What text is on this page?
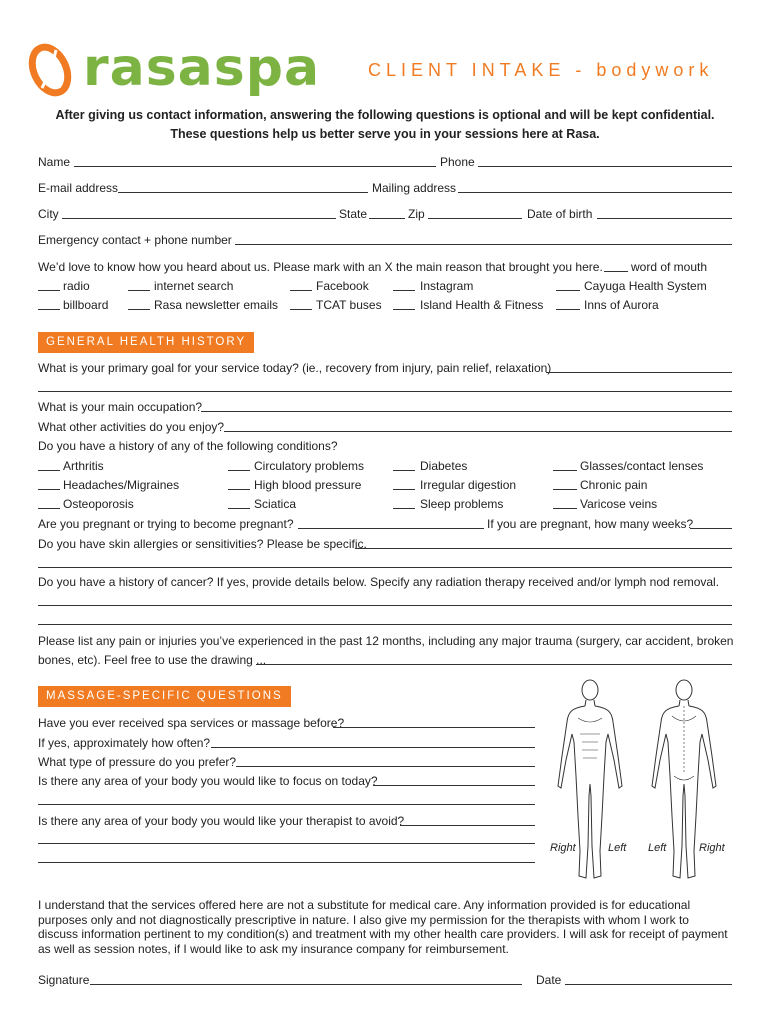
rasaspa	CLIENT INTAKE - bodywork
After giving us contact information, answering the following questions is optional and will be kept confidential.
These questions help us better serve you in your sessions here at Rasa.
Name	Phone
E-mail address	Mailing address
City	State	Zip	Date of birth
Emergency contact + phone number
We’d love to know how you heard about us. Please mark with an X the main reason that brought you here. word of mouth
radio	internet search	Facebook	Instagram	Cayuga Health System
billboard	Rasa newsletter emails	TCAT buses	Island Health & Fitness	Inns of Aurora
GENERAL HEALTH HISTORY
What is your primary goal for your service today? (ie., recovery from injury, pain relief, relaxation)
What is your main occupation?
What other activities do you enjoy?
Do you have a history of any of the following conditions?
Arthritis	Circulatory problems	Diabetes	Glasses/contact lenses
Headaches/Migraines	High blood pressure	Irregular digestion	Chronic pain
Osteoporosis	Sciatica	Sleep problems	Varicose veins
Are you pregnant or trying to become pregnant?	If you are pregnant, how many weeks?
Do you have skin allergies or sensitivities? Please be specific.
Do you have a history of cancer? If yes, provide details below. Specify any radiation therapy received and/or lymph nod removal.
Please list any pain or injuries you’ve experienced in the past 12 months, including any major trauma (surgery, car accident, broken
bones, etc). Feel free to use the drawing ...
MASSAGE-SPECIFIC QUESTIONS
Have you ever received spa services or massage before?
If yes, approximately how often?
What type of pressure do you prefer?
Is there any area of your body you would like to focus on today?
Is there any area of your body you would like your therapist to avoid?
Right	Left Left	Right
I understand that the services offered here are not a substitute for medical care. Any information provided is for educational purposes only and not diagnostically prescriptive in nature. I also give my permission for the therapists with whom I work to discuss information pertinent to my condition(s) and treatment with my other health care providers. I will ask for receipt of payment as well as session notes, if I would like to ask my insurance company for reimbursement.
Signature	Date
